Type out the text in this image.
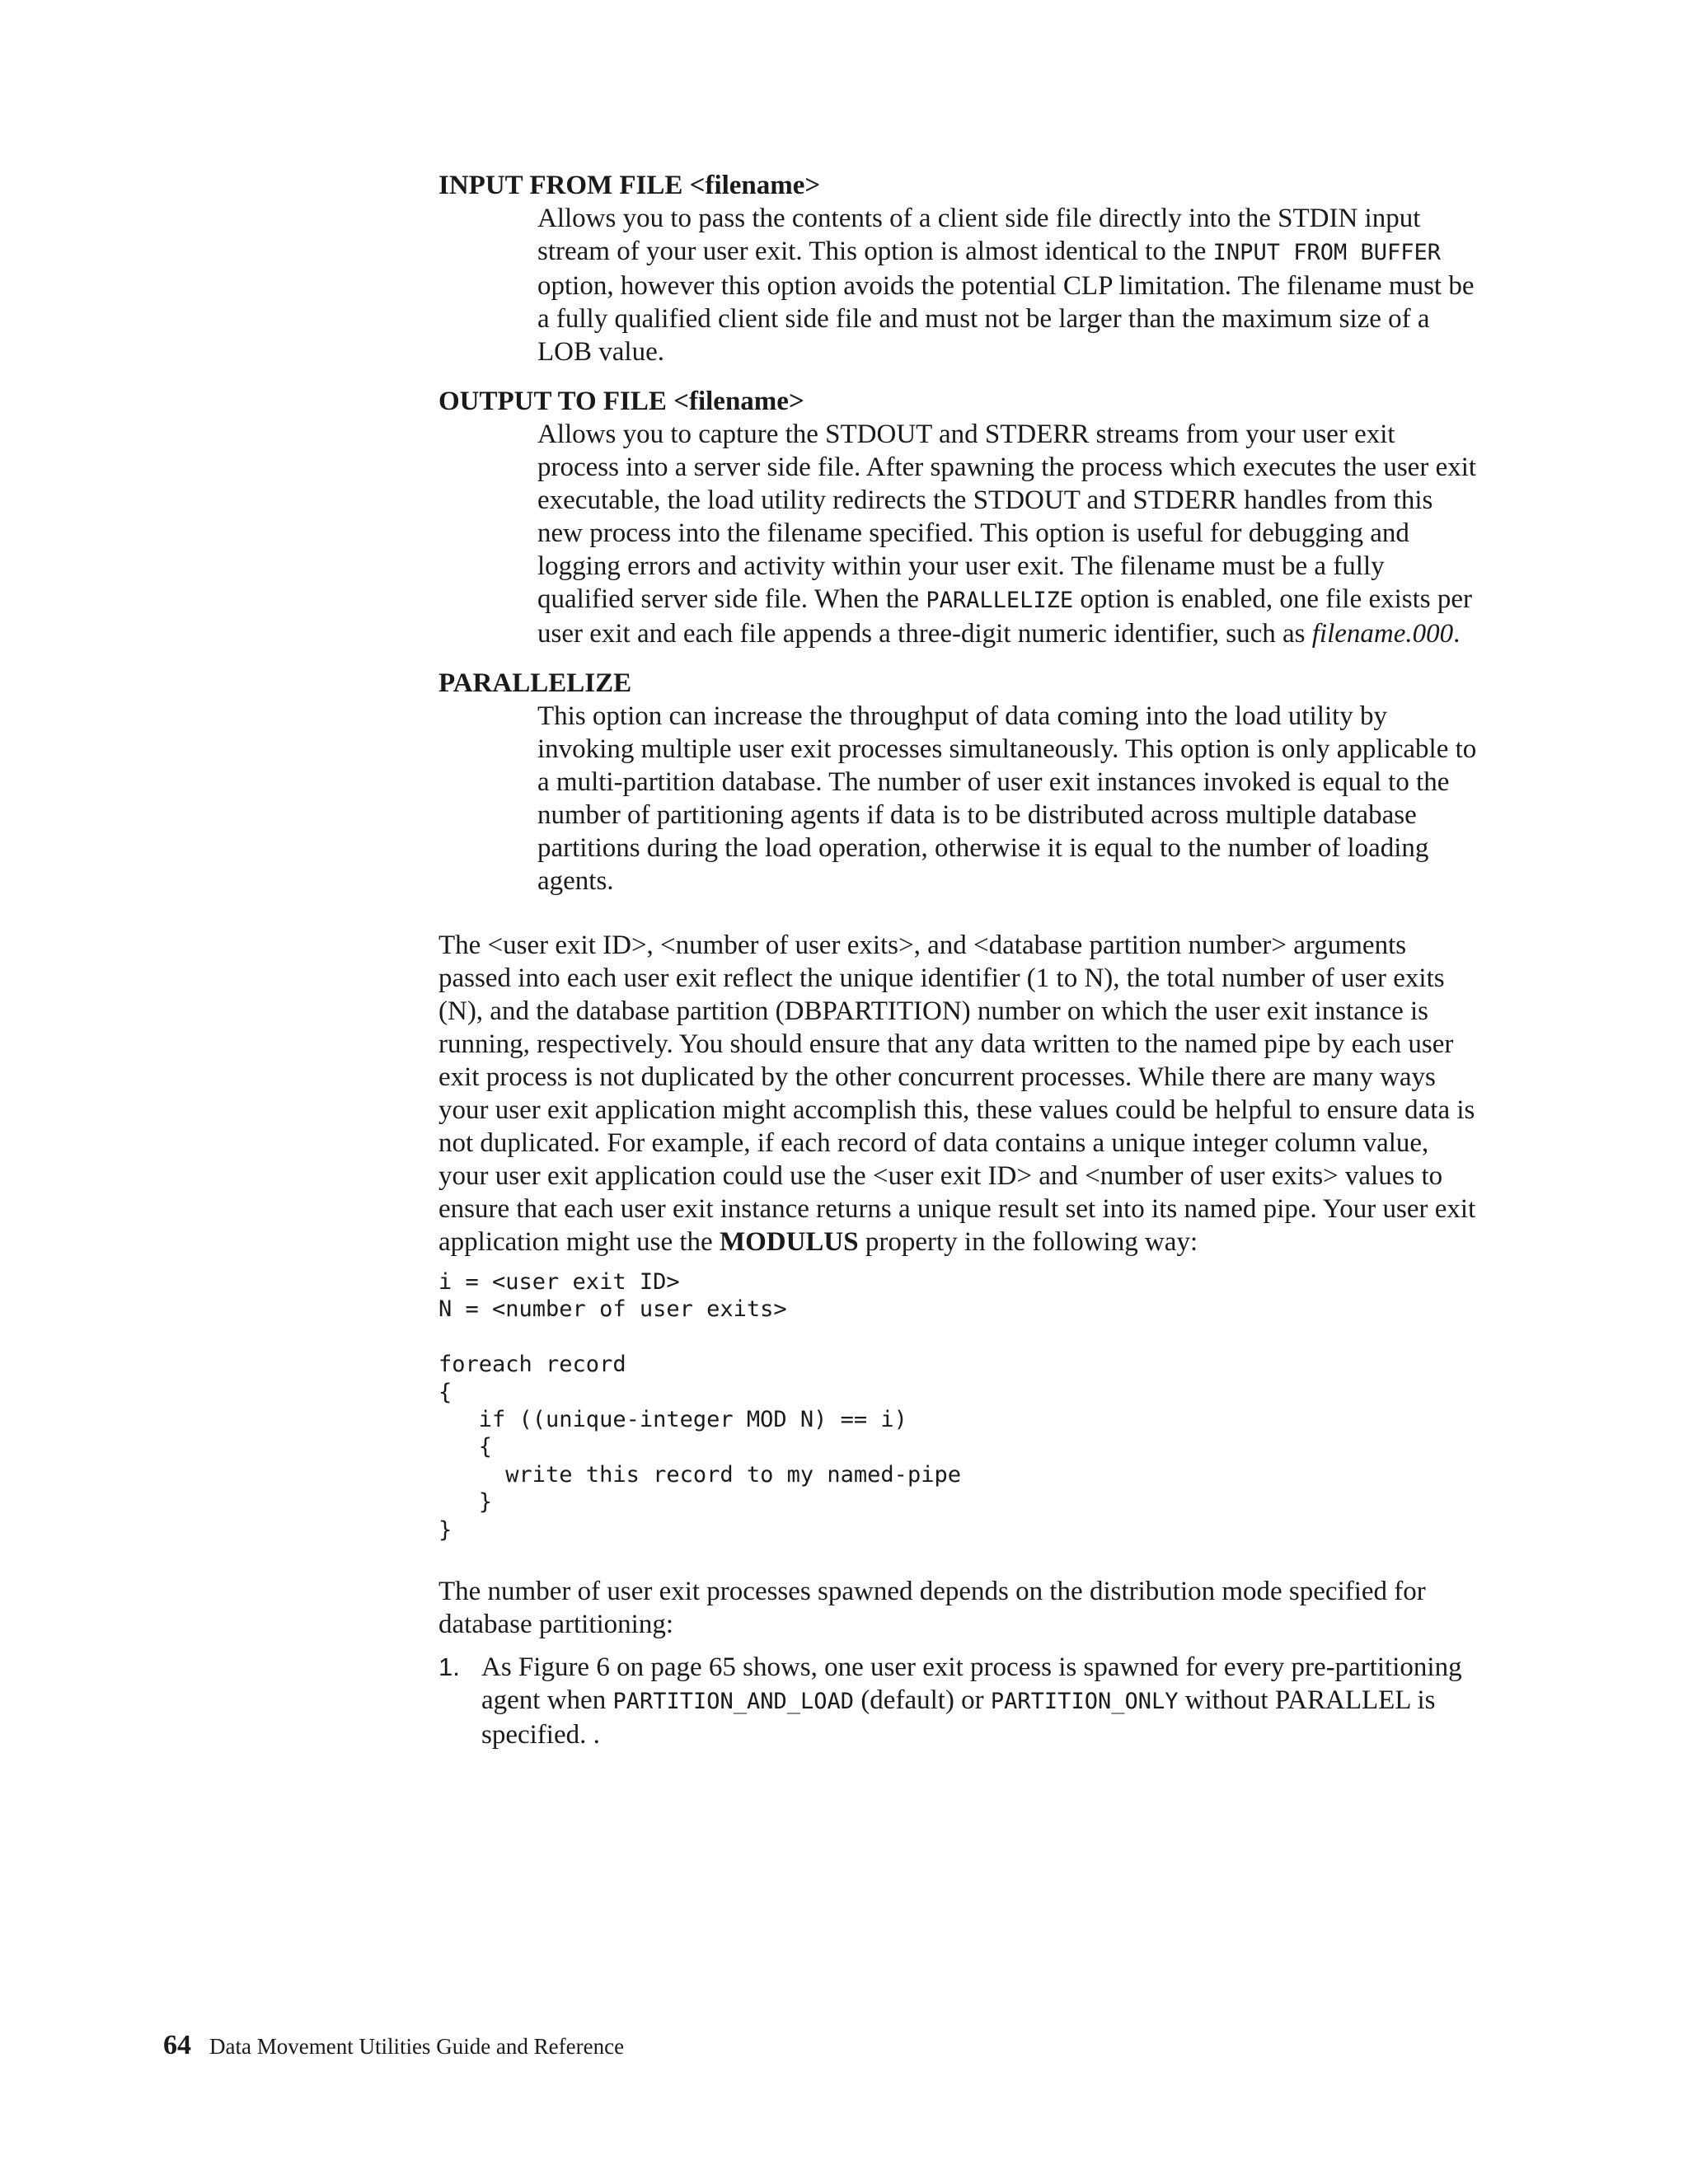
INPUT FROM FILE <filename>
Allows you to pass the contents of a client side file directly into the STDIN input stream of your user exit. This option is almost identical to the INPUT FROM BUFFER option, however this option avoids the potential CLP limitation. The filename must be a fully qualified client side file and must not be larger than the maximum size of a LOB value.
OUTPUT TO FILE <filename>
Allows you to capture the STDOUT and STDERR streams from your user exit process into a server side file. After spawning the process which executes the user exit executable, the load utility redirects the STDOUT and STDERR handles from this new process into the filename specified. This option is useful for debugging and logging errors and activity within your user exit. The filename must be a fully qualified server side file. When the PARALLELIZE option is enabled, one file exists per user exit and each file appends a three-digit numeric identifier, such as filename.000.
PARALLELIZE
This option can increase the throughput of data coming into the load utility by invoking multiple user exit processes simultaneously. This option is only applicable to a multi-partition database. The number of user exit instances invoked is equal to the number of partitioning agents if data is to be distributed across multiple database partitions during the load operation, otherwise it is equal to the number of loading agents.

The <user exit ID>, <number of user exits>, and <database partition number> arguments passed into each user exit reflect the unique identifier (1 to N), the total number of user exits (N), and the database partition (DBPARTITION) number on which the user exit instance is running, respectively. You should ensure that any data written to the named pipe by each user exit process is not duplicated by the other concurrent processes. While there are many ways your user exit application might accomplish this, these values could be helpful to ensure data is not duplicated. For example, if each record of data contains a unique integer column value, your user exit application could use the <user exit ID> and <number of user exits> values to ensure that each user exit instance returns a unique result set into its named pipe. Your user exit application might use the MODULUS property in the following way:

i = <user exit ID>
N = <number of user exits>

foreach record
{
if ((unique-integer MOD N) == i)
{
write this record to my named-pipe
}
}

The number of user exit processes spawned depends on the distribution mode specified for database partitioning:

1. As Figure 6 on page 65 shows, one user exit process is spawned for every pre-partitioning agent when PARTITION_AND_LOAD (default) or PARTITION_ONLY without PARALLEL is specified. .
64 Data Movement Utilities Guide and Reference
